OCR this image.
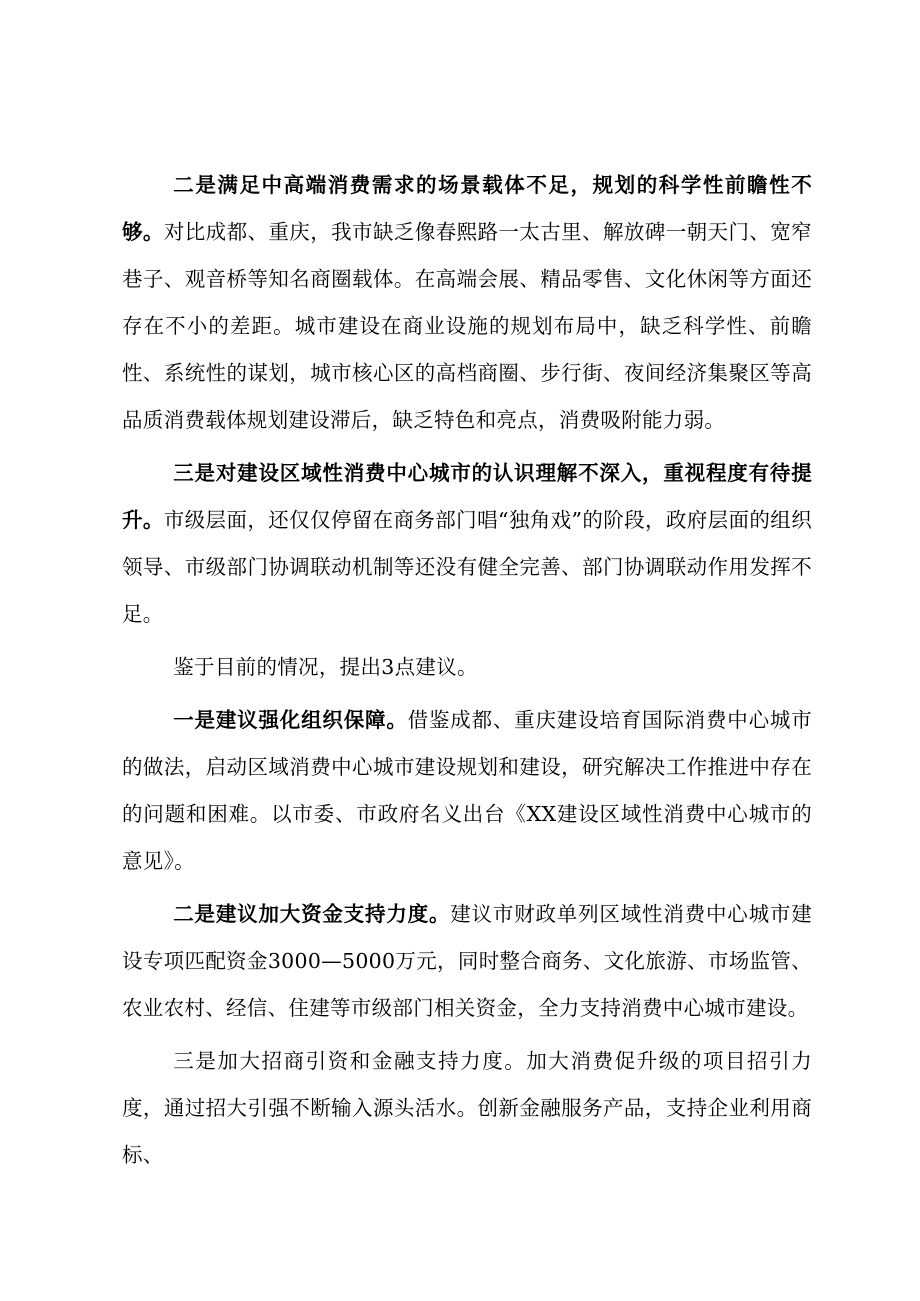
二是满足中高端消费需求的场景载体不足，规划的科学性前瞻性不够。对比成都、重庆，我市缺乏像春熙路一太古里、解放碑一朝天门、宽窄巷子、观音桥等知名商圈载体。在高端会展、精品零售、文化休闲等方面还存在不小的差距。城市建设在商业设施的规划布局中，缺乏科学性、前瞻性、系统性的谋划，城市核心区的高档商圈、步行街、夜间经济集聚区等高品质消费载体规划建设滞后，缺乏特色和亮点，消费吸附能力弱。

三是对建设区域性消费中心城市的认识理解不深入，重视程度有待提升。市级层面，还仅仅停留在商务部门唱“独角戏”的阶段，政府层面的组织领导、市级部门协调联动机制等还没有健全完善、部门协调联动作用发挥不足。

鉴于目前的情况，提出3点建议。

一是建议强化组织保障。借鉴成都、重庆建设培育国际消费中心城市的做法，启动区域消费中心城市建设规划和建设，研究解决工作推进中存在的问题和困难。以市委、市政府名义出台《XX建设区域性消费中心城市的意见》。

二是建议加大资金支持力度。建议市财政单列区域性消费中心城市建设专项匹配资金3000—5000万元，同时整合商务、文化旅游、市场监管、农业农村、经信、住建等市级部门相关资金，全力支持消费中心城市建设。

三是加大招商引资和金融支持力度。加大消费促升级的项目招引力度，通过招大引强不断输入源头活水。创新金融服务产品，支持企业利用商标、
